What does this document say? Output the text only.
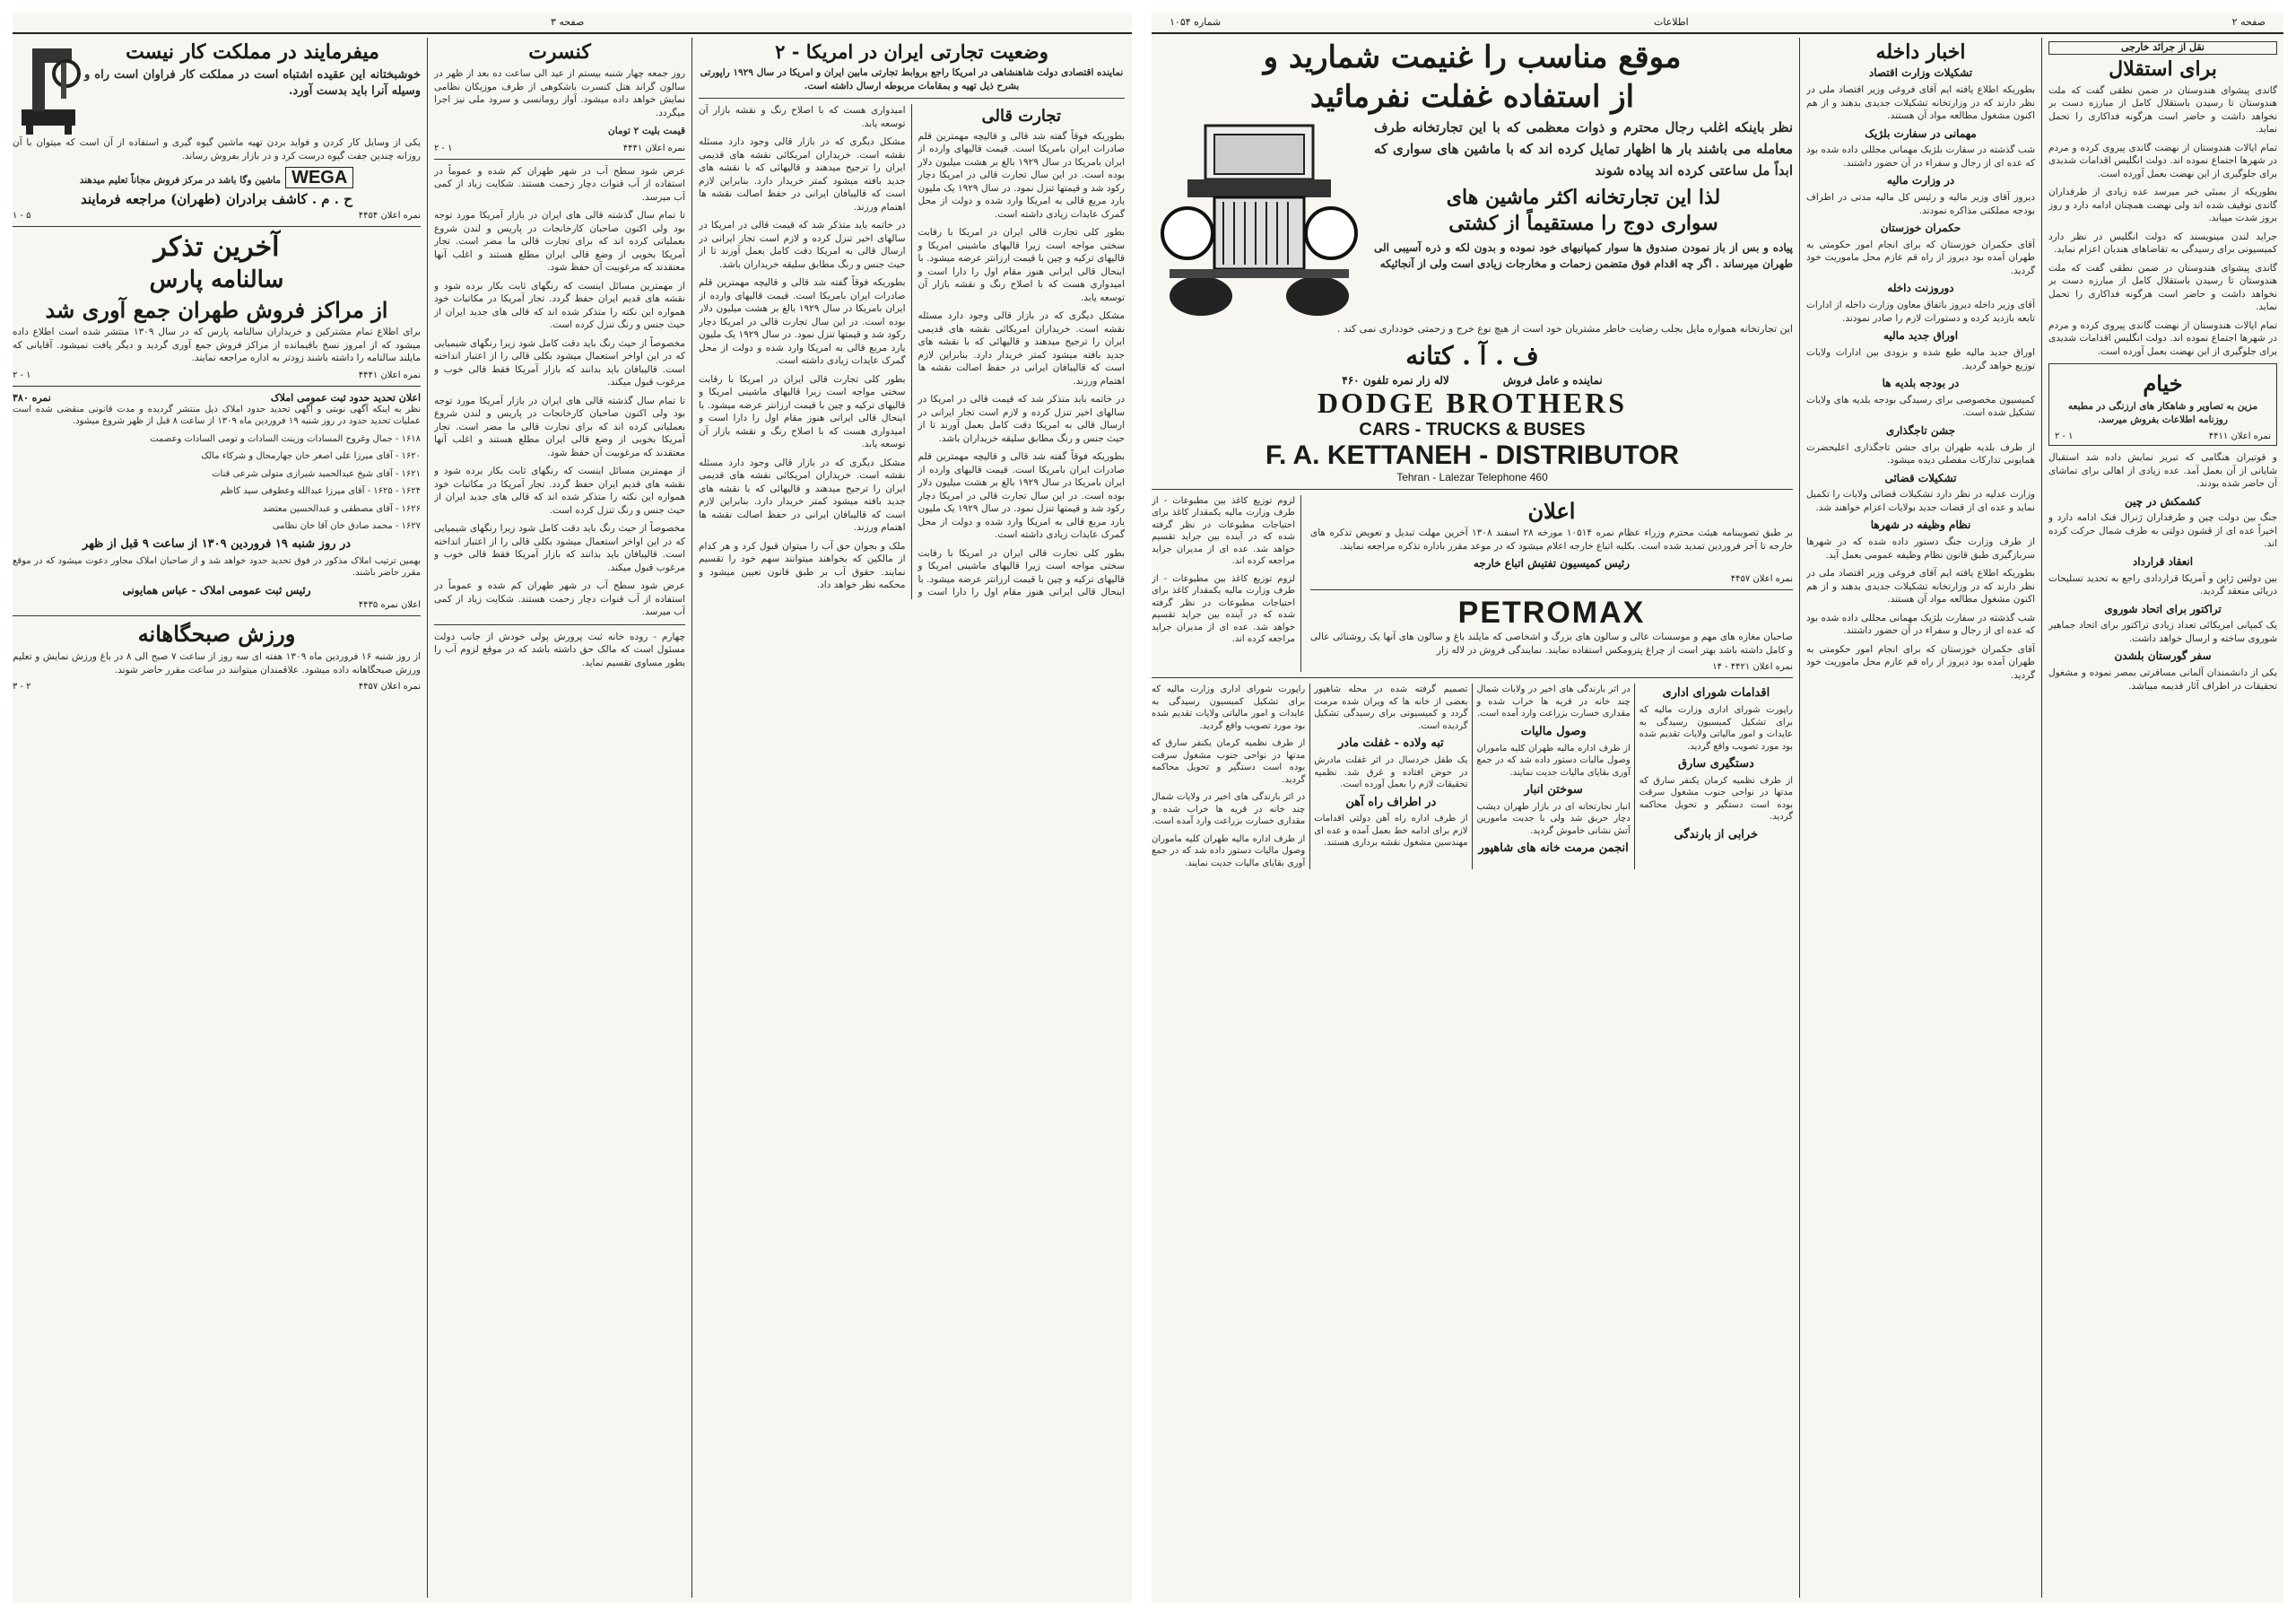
صفحه ۳
میفرمایند در مملکت کار نیست
خوشبختانه این عقیده اشتباه است در مملکت کار فراوان است راه و وسیله آنرا باید بدست آورد.
یکی از وسایل کار کردن و فواید بردن تهیه ماشین گیوه گیری و استفاده از آن است که میتوان با آن روزانه چندین جفت گیوه درست کرد و در بازار بفروش رساند.
WEGA ماشین وگا باشد در مرکز فروش مجاناً تعلیم میدهند
ح . م . کاشف برادران (طهران) مراجعه فرمایند
نمره اعلان ۴۴۵۴
۵ - ۱
آخرین تذکر
سالنامه پارس
از مراکز فروش طهران جمع آوری شد
برای اطلاع تمام مشترکین و خریداران سالنامه پارس که در سال ۱۳۰۹ منتشر شده است اطلاع داده میشود که از امروز نسخ باقیمانده از مراکز فروش جمع آوری گردید و دیگر یافت نمیشود. آقایانی که مایلند سالنامه را داشته باشند زودتر به اداره مراجعه نمایند.
نمره اعلان ۴۴۴۱
۱ - ۲
اعلان تحدید حدود ثبت عمومی املاک
نمره ۳۸۰
نظر به اینکه آگهی نوبتی و آگهی تحدید حدود املاک ذیل منتشر گردیده و مدت قانونی منقضی شده است عملیات تحدید حدود در روز شنبه ۱۹ فروردین ماه ۱۳۰۹ از ساعت ۸ قبل از ظهر شروع میشود.
۱۶۱۸ - جمال وغروح المسادات وزینت السادات و تومی السادات وعصمت
۱۶۲۰ - آقای میرزا علی اصغر خان جهارمحال و شرکاء مالک
۱۶۲۱ - آقای شیخ عبدالحمید شیرازی متولی شرعی قنات
۱۶۲۴ - ۱۶۲۵ - آقای میرزا عبدالله وعطوفی سید کاظم
۱۶۲۶ - آقای مصطفی و عبدالحسین معتضد
۱۶۲۷ - محمد صادق خان آقا خان نظامی
در روز شنبه ۱۹ فروردین ۱۳۰۹ از ساعت ۹ قبل از ظهر
بهمین ترتیب املاک مذکور در فوق تحدید حدود خواهد شد و از صاحبان املاک مجاور دعوت میشود که در موقع مقرر حاضر باشند.
رئیس ثبت عمومی املاک - عباس همایونی
اعلان نمره ۴۴۳۵
ورزش صبحگاهانه
از روز شنبه ۱۶ فروردین ماه ۱۳۰۹ هفته ای سه روز از ساعت ۷ صبح الی ۸ در باغ ورزش نمایش و تعلیم ورزش صبحگاهانه داده میشود. علاقمندان میتوانند در ساعت مقرر حاضر شوند.
نمره اعلان ۴۴۵۷
۲ - ۳
کنسرت
روز جمعه چهار شنبه بیستم از عید الی ساعت ده بعد از ظهر در سالون گراند هتل کنسرت باشکوهی از طرف موزیکان نظامی نمایش خواهد داده میشود. آواز رومانسی و سرود ملی نیز اجرا میگردد.
قیمت بلیت ۲ تومان
نمره اعلان ۴۴۴۱
۱ - ۲
عرض شود سطح آب در شهر طهران کم شده و عموماً در استفاده از آب قنوات دچار زحمت هستند. شکایت زیاد از کمی آب میرسد.
تا تمام سال گذشته قالی های ایران در بازار آمریکا مورد توجه بود ولی اکنون صاحبان کارخانجات در پاریس و لندن شروع بعملیاتی کرده اند که برای تجارت قالی ما مضر است. تجار آمریکا بخوبی از وضع قالی ایران مطلع هستند و اغلب آنها معتقدند که مرغوبیت آن حفظ شود.
از مهمترین مسائل اینست که رنگهای ثابت بکار برده شود و نقشه های قدیم ایران حفظ گردد. تجار آمریکا در مکاتبات خود همواره این نکته را متذکر شده اند که قالی های جدید ایران از حیث جنس و رنگ تنزل کرده است.
مخصوصاً از حیث رنگ باید دقت کامل شود زیرا رنگهای شیمیایی که در این اواخر استعمال میشود بکلی قالی را از اعتبار انداخته است. قالیبافان باید بدانند که بازار آمریکا فقط قالی خوب و مرغوب قبول میکند.
تا تمام سال گذشته قالی های ایران در بازار آمریکا مورد توجه بود ولی اکنون صاحبان کارخانجات در پاریس و لندن شروع بعملیاتی کرده اند که برای تجارت قالی ما مضر است. تجار آمریکا بخوبی از وضع قالی ایران مطلع هستند و اغلب آنها معتقدند که مرغوبیت آن حفظ شود.
از مهمترین مسائل اینست که رنگهای ثابت بکار برده شود و نقشه های قدیم ایران حفظ گردد. تجار آمریکا در مکاتبات خود همواره این نکته را متذکر شده اند که قالی های جدید ایران از حیث جنس و رنگ تنزل کرده است.
مخصوصاً از حیث رنگ باید دقت کامل شود زیرا رنگهای شیمیایی که در این اواخر استعمال میشود بکلی قالی را از اعتبار انداخته است. قالیبافان باید بدانند که بازار آمریکا فقط قالی خوب و مرغوب قبول میکند.
عرض شود سطح آب در شهر طهران کم شده و عموماً در استفاده از آب قنوات دچار زحمت هستند. شکایت زیاد از کمی آب میرسد.
چهارم - روده خانه ثبت پرورش پولی خودش از جانب دولت مسئول است که مالک حق داشته باشد که در موقع لزوم آب را بطور مساوی تقسیم نماید.
وضعیت تجارتی ایران در امریکا - ۲
نماینده اقتصادی دولت شاهنشاهی در امریکا راجع بروابط تجارتی مابین ایران و امریکا در سال ۱۹۲۹ راپورتی بشرح ذیل تهیه و بمقامات مربوطه ارسال داشته است.
تجارت قالی
بطوریکه فوقاً گفته شد قالی و قالیچه مهمترین قلم صادرات ایران بامریکا است. قیمت قالیهای وارده از ایران بامریکا در سال ۱۹۲۹ بالغ بر هشت میلیون دلار بوده است. در این سال تجارت قالی در امریکا دچار رکود شد و قیمتها تنزل نمود. در سال ۱۹۲۹ یک ملیون یارد مربع قالی به امریکا وارد شده و دولت از محل گمرک عایدات زیادی داشته است.
بطور کلی تجارت قالی ایران در امریکا با رقابت سختی مواجه است زیرا قالیهای ماشینی امریکا و قالیهای ترکیه و چین با قیمت ارزانتر عرضه میشود. با اینحال قالی ایرانی هنوز مقام اول را دارا است و امیدواری هست که با اصلاح رنگ و نقشه بازار آن توسعه یابد.
مشکل دیگری که در بازار قالی وجود دارد مسئله نقشه است. خریداران امریکائی نقشه های قدیمی ایران را ترجیح میدهند و قالیهائی که با نقشه های جدید بافته میشود کمتر خریدار دارد. بنابراین لازم است که قالیبافان ایرانی در حفظ اصالت نقشه ها اهتمام ورزند.
در خاتمه باید متذکر شد که قیمت قالی در امریکا در سالهای اخیر تنزل کرده و لازم است تجار ایرانی در ارسال قالی به امریکا دقت کامل بعمل آورند تا از حیث جنس و رنگ مطابق سلیقه خریداران باشد.
بطوریکه فوقاً گفته شد قالی و قالیچه مهمترین قلم صادرات ایران بامریکا است. قیمت قالیهای وارده از ایران بامریکا در سال ۱۹۲۹ بالغ بر هشت میلیون دلار بوده است. در این سال تجارت قالی در امریکا دچار رکود شد و قیمتها تنزل نمود. در سال ۱۹۲۹ یک ملیون یارد مربع قالی به امریکا وارد شده و دولت از محل گمرک عایدات زیادی داشته است.
بطور کلی تجارت قالی ایران در امریکا با رقابت سختی مواجه است زیرا قالیهای ماشینی امریکا و قالیهای ترکیه و چین با قیمت ارزانتر عرضه میشود. با اینحال قالی ایرانی هنوز مقام اول را دارا است و امیدواری هست که با اصلاح رنگ و نقشه بازار آن توسعه یابد.
مشکل دیگری که در بازار قالی وجود دارد مسئله نقشه است. خریداران امریکائی نقشه های قدیمی ایران را ترجیح میدهند و قالیهائی که با نقشه های جدید بافته میشود کمتر خریدار دارد. بنابراین لازم است که قالیبافان ایرانی در حفظ اصالت نقشه ها اهتمام ورزند.
در خاتمه باید متذکر شد که قیمت قالی در امریکا در سالهای اخیر تنزل کرده و لازم است تجار ایرانی در ارسال قالی به امریکا دقت کامل بعمل آورند تا از حیث جنس و رنگ مطابق سلیقه خریداران باشد.
بطوریکه فوقاً گفته شد قالی و قالیچه مهمترین قلم صادرات ایران بامریکا است. قیمت قالیهای وارده از ایران بامریکا در سال ۱۹۲۹ بالغ بر هشت میلیون دلار بوده است. در این سال تجارت قالی در امریکا دچار رکود شد و قیمتها تنزل نمود. در سال ۱۹۲۹ یک ملیون یارد مربع قالی به امریکا وارد شده و دولت از محل گمرک عایدات زیادی داشته است.
بطور کلی تجارت قالی ایران در امریکا با رقابت سختی مواجه است زیرا قالیهای ماشینی امریکا و قالیهای ترکیه و چین با قیمت ارزانتر عرضه میشود. با اینحال قالی ایرانی هنوز مقام اول را دارا است و امیدواری هست که با اصلاح رنگ و نقشه بازار آن توسعه یابد.
مشکل دیگری که در بازار قالی وجود دارد مسئله نقشه است. خریداران امریکائی نقشه های قدیمی ایران را ترجیح میدهند و قالیهائی که با نقشه های جدید بافته میشود کمتر خریدار دارد. بنابراین لازم است که قالیبافان ایرانی در حفظ اصالت نقشه ها اهتمام ورزند.
ملک و بجوان حق آب را میتوان قبول کرد و هر کدام از مالکین که بخواهند میتوانند سهم خود را تقسیم نمایند. حقوق آب بر طبق قانون تعیین میشود و محکمه نظر خواهد داد.
شماره ۱۰۵۴	اطلاعات	صفحه ۲
موقع مناسب را غنیمت شمارید و
از استفاده غفلت نفرمائید
نظر باینکه اغلب رجال محترم و ذوات معظمی که با این تجارتخانه طرف معامله می باشند بار ها اظهار تمایل کرده اند که با ماشین های سواری که ابداً مل ساعتی کرده اند پیاده شوند
لذا این تجارتخانه اکثر ماشین های
سواری دوج را مستقیماً از کشتی
پیاده و بس از باز نمودن صندوق ها سوار کمپانیهای خود نموده و بدون لکه و ذره آسیبی الی طهران میرساند . اگر چه اقدام فوق متضمن زحمات و مخارجات زیادی است ولی از آنجائیکه
این تجارتخانه همواره مایل بجلب رضایت خاطر مشتریان خود است از هیچ نوع خرج و زحمتی خودداری نمی کند .
ف . آ . کتانه
نماینده و عامل فروش
لاله زار نمره تلفون ۴۶۰
DODGE BROTHERS
CARS - TRUCKS & BUSES
F. A. KETTANEH - DISTRIBUTOR
Tehran - Lalezar Telephone 460
اعلان
بر طبق تصویبنامه هیئت محترم وزراء عظام نمره ۱۰۵۱۴ مورخه ۲۸ اسفند ۱۳۰۸ آخرین مهلت تبدیل و تعویض تذکره های خارجه تا آخر فروردین تمدید شده است. بکلیه اتباع خارجه اعلام میشود که در موعد مقرر باداره تذکره مراجعه نمایند.
رئیس کمیسیون تفتیش اتباع خارجه
نمره اعلان ۴۴۵۷
PETROMAX
صاحبان مغازه های مهم و موسسات عالی و سالون های بزرگ و اشخاصی که مایلند باغ و سالون های آنها یک روشنائی عالی و کامل داشته باشد بهتر است از چراغ پترومکس استفاده نمایند. نمایندگی فروش در لاله زار
نمره اعلان ۴۴۲۱ - ۱۴
لزوم توزیع کاغذ بین مطبوعات - از طرف وزارت مالیه یکمقدار کاغذ برای احتیاجات مطبوعات در نظر گرفته شده که در آینده بین جراید تقسیم خواهد شد. عده ای از مدیران جراید مراجعه کرده اند.
لزوم توزیع کاغذ بین مطبوعات - از طرف وزارت مالیه یکمقدار کاغذ برای احتیاجات مطبوعات در نظر گرفته شده که در آینده بین جراید تقسیم خواهد شد. عده ای از مدیران جراید مراجعه کرده اند.
اقدامات شورای اداری
راپورت شورای اداری وزارت مالیه که برای تشکیل کمیسیون رسیدگی به عایدات و امور مالیاتی ولایات تقدیم شده بود مورد تصویب واقع گردید.
دستگیری سارق
از طرف نظمیه کرمان یکنفر سارق که مدتها در نواحی جنوب مشغول سرقت بوده است دستگیر و تحویل محاکمه گردید.
خرابی از بارندگی
در اثر بارندگی های اخیر در ولایات شمال چند خانه در قریه ها خراب شده و مقداری خسارت بزراعت وارد آمده است.
وصول مالیات
از طرف اداره مالیه طهران کلیه ماموران وصول مالیات دستور داده شد که در جمع آوری بقایای مالیات جدیت نمایند.
سوختن انبار
انبار تجارتخانه ای در بازار طهران دیشب دچار حریق شد ولی با جدیت مامورین آتش نشانی خاموش گردید.
انجمن مرمت خانه های شاهپور
تصمیم گرفته شده در محله شاهپور بعضی از خانه ها که ویران شده مرمت گردد و کمیسیونی برای رسیدگی تشکیل گردیده است.
تبه ولاده - غفلت مادر
یک طفل خردسال در اثر غفلت مادرش در حوض افتاده و غرق شد. نظمیه تحقیقات لازم را بعمل آورده است.
در اطراف راه آهن
از طرف اداره راه آهن دولتی اقدامات لازم برای ادامه خط بعمل آمده و عده ای مهندسین مشغول نقشه برداری هستند.
راپورت شورای اداری وزارت مالیه که برای تشکیل کمیسیون رسیدگی به عایدات و امور مالیاتی ولایات تقدیم شده بود مورد تصویب واقع گردید.
از طرف نظمیه کرمان یکنفر سارق که مدتها در نواحی جنوب مشغول سرقت بوده است دستگیر و تحویل محاکمه گردید.
در اثر بارندگی های اخیر در ولایات شمال چند خانه در قریه ها خراب شده و مقداری خسارت بزراعت وارد آمده است.
از طرف اداره مالیه طهران کلیه ماموران وصول مالیات دستور داده شد که در جمع آوری بقایای مالیات جدیت نمایند.
اخبار داخله
تشکیلات وزارت اقتصاد
بطوریکه اطلاع یافته ایم آقای فروغی وزیر اقتصاد ملی در نظر دارند که در وزارتخانه تشکیلات جدیدی بدهند و از هم اکنون مشغول مطالعه مواد آن هستند.
مهمانی در سفارت بلژیک
شب گذشته در سفارت بلژیک مهمانی مجللی داده شده بود که عده ای از رجال و سفراء در آن حضور داشتند.
در وزارت مالیه
دیروز آقای وزیر مالیه و رئیس کل مالیه مدتی در اطراف بودجه مملکتی مذاکره نمودند.
حکمران خوزستان
آقای حکمران خوزستان که برای انجام امور حکومتی به طهران آمده بود دیروز از راه قم عازم محل ماموریت خود گردید.
دوروزنت داخله
آقای وزیر داخله دیروز باتفاق معاون وزارت داخله از ادارات تابعه بازدید کرده و دستورات لازم را صادر نمودند.
اوراق جدید مالیه
اوراق جدید مالیه طبع شده و بزودی بین ادارات ولایات توزیع خواهد گردید.
در بودجه بلدیه ها
کمیسیون مخصوصی برای رسیدگی بودجه بلدیه های ولایات تشکیل شده است.
جشن تاجگذاری
از طرف بلدیه طهران برای جشن تاجگذاری اعلیحضرت همایونی تدارکات مفصلی دیده میشود.
تشکیلات قضائی
وزارت عدلیه در نظر دارد تشکیلات قضائی ولایات را تکمیل نماید و عده ای از قضات جدید بولایات اعزام خواهند شد.
نظام وظیفه در شهرها
از طرف وزارت جنگ دستور داده شده که در شهرها سربازگیری طبق قانون نظام وظیفه عمومی بعمل آید.
بطوریکه اطلاع یافته ایم آقای فروغی وزیر اقتصاد ملی در نظر دارند که در وزارتخانه تشکیلات جدیدی بدهند و از هم اکنون مشغول مطالعه مواد آن هستند.
شب گذشته در سفارت بلژیک مهمانی مجللی داده شده بود که عده ای از رجال و سفراء در آن حضور داشتند.
آقای حکمران خوزستان که برای انجام امور حکومتی به طهران آمده بود دیروز از راه قم عازم محل ماموریت خود گردید.
نقل از جرائد خارجی
برای استقلال
گاندی پیشوای هندوستان در ضمن نطقی گفت که ملت هندوستان تا رسیدن باستقلال کامل از مبارزه دست بر نخواهد داشت و حاضر است هرگونه فداکاری را تحمل نماید.
تمام ایالات هندوستان از نهضت گاندی پیروی کرده و مردم در شهرها اجتماع نموده اند. دولت انگلیس اقدامات شدیدی برای جلوگیری از این نهضت بعمل آورده است.
بطوریکه از بمبئی خبر میرسد عده زیادی از طرفداران گاندی توقیف شده اند ولی نهضت همچنان ادامه دارد و روز بروز شدت مییابد.
جراید لندن مینویسند که دولت انگلیس در نظر دارد کمیسیونی برای رسیدگی به تقاضاهای هندیان اعزام نماید.
گاندی پیشوای هندوستان در ضمن نطقی گفت که ملت هندوستان تا رسیدن باستقلال کامل از مبارزه دست بر نخواهد داشت و حاضر است هرگونه فداکاری را تحمل نماید.
تمام ایالات هندوستان از نهضت گاندی پیروی کرده و مردم در شهرها اجتماع نموده اند. دولت انگلیس اقدامات شدیدی برای جلوگیری از این نهضت بعمل آورده است.
خیام
مزین به تصاویر و شاهکار های ارزنگی در مطبعه روزنامه اطلاعات بفروش میرسد.
نمره اعلان ۴۴۱۱
۱ - ۲
و قوتیران هنگامی که تبریز نمایش داده شد استقبال شایانی از آن بعمل آمد. عده زیادی از اهالی برای تماشای آن حاضر شده بودند.
کشمکش در چین
جنگ بین دولت چین و طرفداران ژنرال فنک ادامه دارد و اخیراً عده ای از قشون دولتی به طرف شمال حرکت کرده اند.
انعقاد قرارداد
بین دولتین ژاپن و آمریکا قراردادی راجع به تحدید تسلیحات دریائی منعقد گردید.
تراکتور برای اتحاد شوروی
یک کمپانی امریکائی تعداد زیادی تراکتور برای اتحاد جماهیر شوروی ساخته و ارسال خواهد داشت.
سفر گورستان بلشدن
یکی از دانشمندان آلمانی مسافرتی بمصر نموده و مشغول تحقیقات در اطراف آثار قدیمه میباشد.
